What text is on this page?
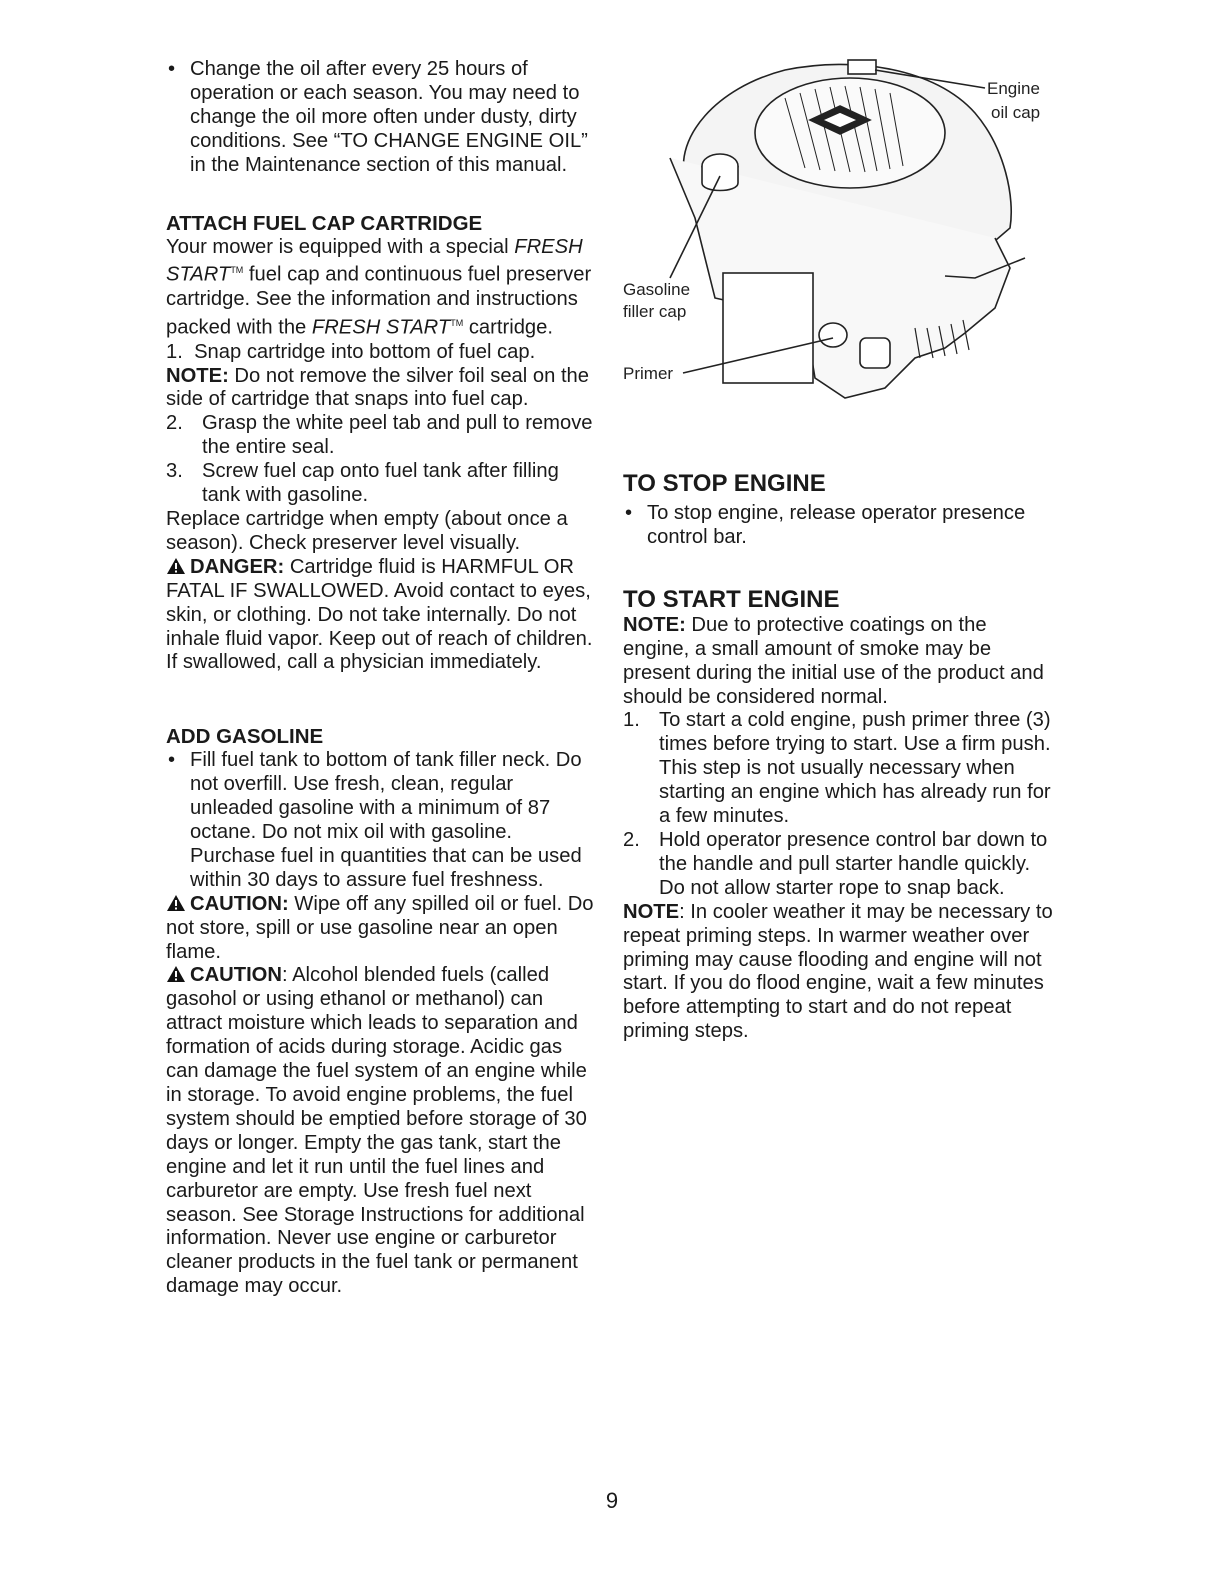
• Change the oil after every 25 hours of operation or each season. You may need to change the oil more often under dusty, dirty conditions. See “TO CHANGE ENGINE OIL” in the Maintenance section of this manual.
ATTACH FUEL CAP CARTRIDGE

Your mower is equipped with a special FRESH START™ fuel cap and continuous fuel preserver cartridge. See the information and instructions packed with the FRESH START™ cartridge.

1.  Snap cartridge into bottom of fuel cap.

NOTE: Do not remove the silver foil seal on the side of cartridge that snaps into fuel cap.

2. Grasp the white peel tab and pull to remove the entire seal.
3. Screw fuel cap onto fuel tank after filling tank with gasoline.

Replace cartridge when empty (about once a season). Check preserver level visually.

DANGER: Cartridge fluid is HARMFUL OR FATAL IF SWALLOWED. Avoid contact to eyes, skin, or clothing. Do not take internally. Do not inhale fluid vapor. Keep out of reach of children. If swallowed, call a physician immediately.

ADD GASOLINE
• Fill fuel tank to bottom of tank filler neck. Do not overfill. Use fresh, clean, regular unleaded gasoline with a minimum of 87 octane. Do not mix oil with gasoline. Purchase fuel in quantities that can be used within 30 days to assure fuel freshness.

CAUTION: Wipe off any spilled oil or fuel. Do not store, spill or use gasoline near an open flame.

CAUTION: Alcohol blended fuels (called gasohol or using ethanol or methanol) can attract moisture which leads to separation and formation of acids during storage. Acidic gas can damage the fuel system of an engine while in storage. To avoid engine problems, the fuel system should be emptied before storage of 30 days or longer. Empty the gas tank, start the engine and let it run until the fuel lines and carburetor are empty. Use fresh fuel next season. See Storage Instructions for additional information. Never use engine or carburetor cleaner products in the fuel tank or permanent damage may occur.

Engine
oil cap
Gasoline
filler cap
Primer
TO STOP ENGINE
• To stop engine, release operator presence control bar.
TO START ENGINE

NOTE: Due to protective coatings on the engine, a small amount of smoke may be present during the initial use of the product and should be considered normal.

1. To start a cold engine, push primer three (3) times before trying to start. Use a firm push. This step is not usually necessary when starting an engine which has already run for a few minutes.
2. Hold operator presence control bar down to the handle and pull starter handle quickly. Do not allow starter rope to snap back.

NOTE: In cooler weather it may be necessary to repeat priming steps. In warmer weather over priming may cause flooding and engine will not start. If you do flood engine, wait a few minutes before attempting to start and do not repeat priming steps.

9
